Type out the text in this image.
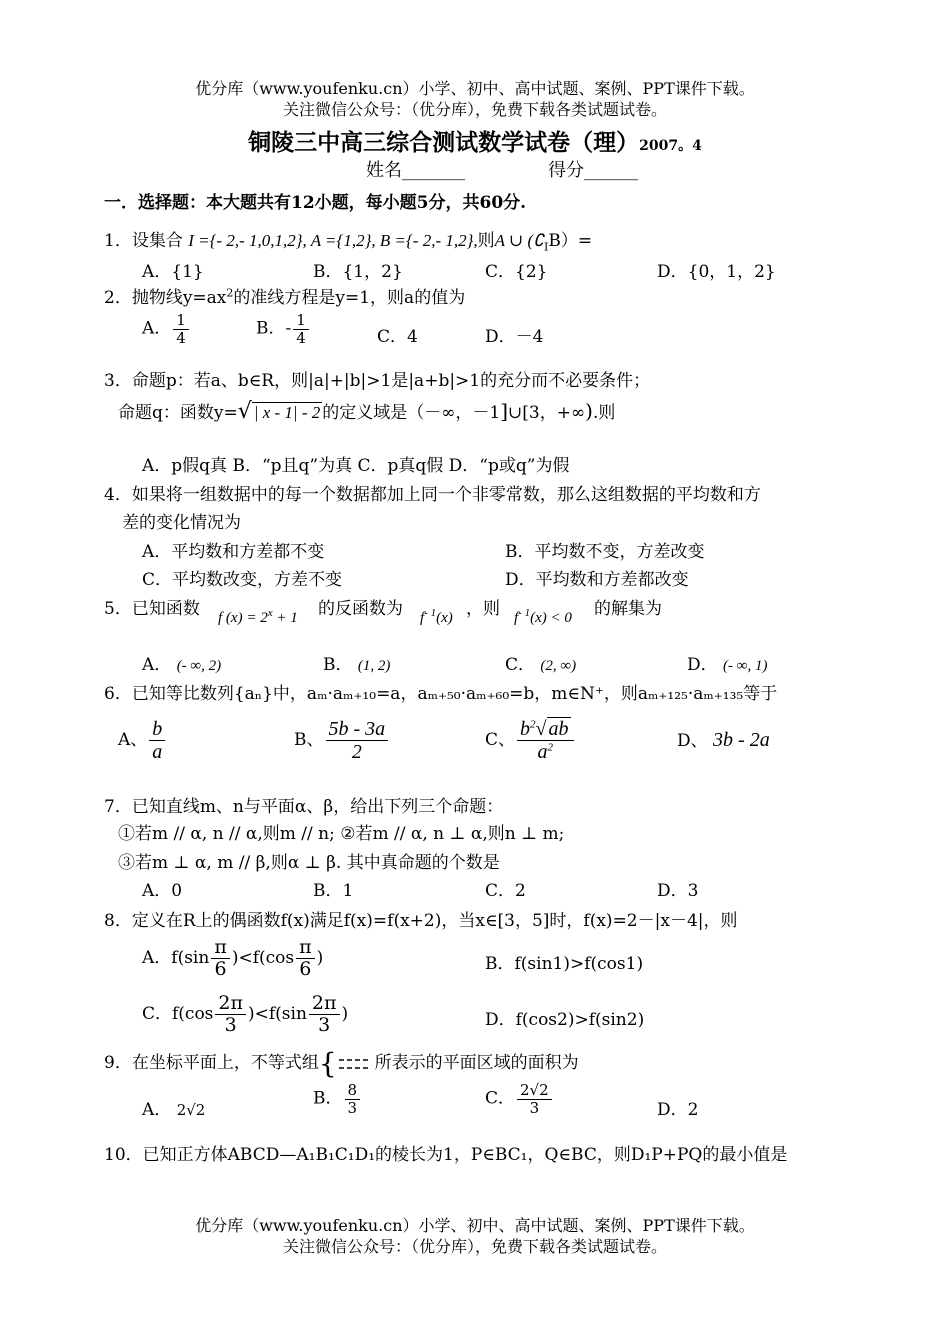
优分库（www.youfenku.cn）小学、初中、高中试题、案例、PPT课件下载。
关注微信公众号：（优分库），免费下载各类试题试卷。
铜陵三中高三综合测试数学试卷（理）2007。4
姓名_______	得分______
一．选择题：本大题共有12小题，每小题5分，共60分.
1．设集合 I ={- 2,- 1,0,1,2}, A ={1,2}, B ={- 2,- 1,2},则A ∪ $(∁_IB)=$
A．{1}	B．{1，2}	C．{2}	D．{0，1，2}
2．抛物线$y=ax^2$的准线方程是y=1，则a的值为
A． $\frac{1}{4}$	B．- $\frac{1}{4}$	C．4	D．－4
3．命题p：若a、b∈R，则|a|+|b|>1是|a+b|>1的充分而不必要条件；
命题q：函数y=√ | x - 1| - 2 的定义域是（－∞，－1]∪[3，+∞).则
A．p假q真 B．“p且q”为真 C．p真q假 D．“p或q”为假
4．如果将一组数据中的每一个数据都加上同一个非零常数，那么这组数据的平均数和方
差的变化情况为
A．平均数和方差都不变	B．平均数不变，方差改变
C．平均数改变，方差不变	D．平均数和方差都改变
5．已知函数 f $(x) = 2^x + 1$ 的反函数为 $f^{- 1}(x)$ ，则 $f^{- 1}(x) < 0$ 的解集为
A． (- ∞, 2)	B． (1, 2)	C． (2, ∞)	D． (- ∞, 1)
6．已知等比数列{aₙ}中，aₘ·aₘ₊₁₀=a，aₘ₊₅₀·aₘ₊₆₀=b，m∈N⁺，则aₘ₊₁₂₅·aₘ₊₁₃₅等于
A、 $\frac{b}{a}$	B、 $\frac{5b - 3a}{2}$	C、 $\frac{b^2√ ab}{a^2}$	D、 3b - 2a
7．已知直线m、n与平面α、β，给出下列三个命题：
①若m // α, n // α,则m // n; ②若m // α, n ⊥ α,则n ⊥ m;
③若m ⊥ α, m // β,则α ⊥ β. 其中真命题的个数是
A．0	B．1	C．2	D．3
8．定义在R上的偶函数f(x)满足f(x)=f(x+2)，当x∈[3，5]时，f(x)=2－|x－4|，则
A．$f(\sin \frac{\pi}{6} )<f(\cos \frac{\pi}{6}$ )	B．f(sin1)>f(cos1)
C．$f(\cos \frac{2\pi}{3} )<f(\sin \frac{2\pi}{3}$ )	D．f(cos2)>f(sin2)
9．在坐标平面上，不等式组{ 所表示的平面区域的面积为
A． 2√2
B． $\frac{8}{3}$	C． $\frac{2√2}{3}$	D．2
10．已知正方体ABCD—A₁B₁C₁D₁的棱长为1，P∈BC₁，Q∈BC，则D₁P+PQ的最小值是
优分库（www.youfenku.cn）小学、初中、高中试题、案例、PPT课件下载。
关注微信公众号：（优分库），免费下载各类试题试卷。
